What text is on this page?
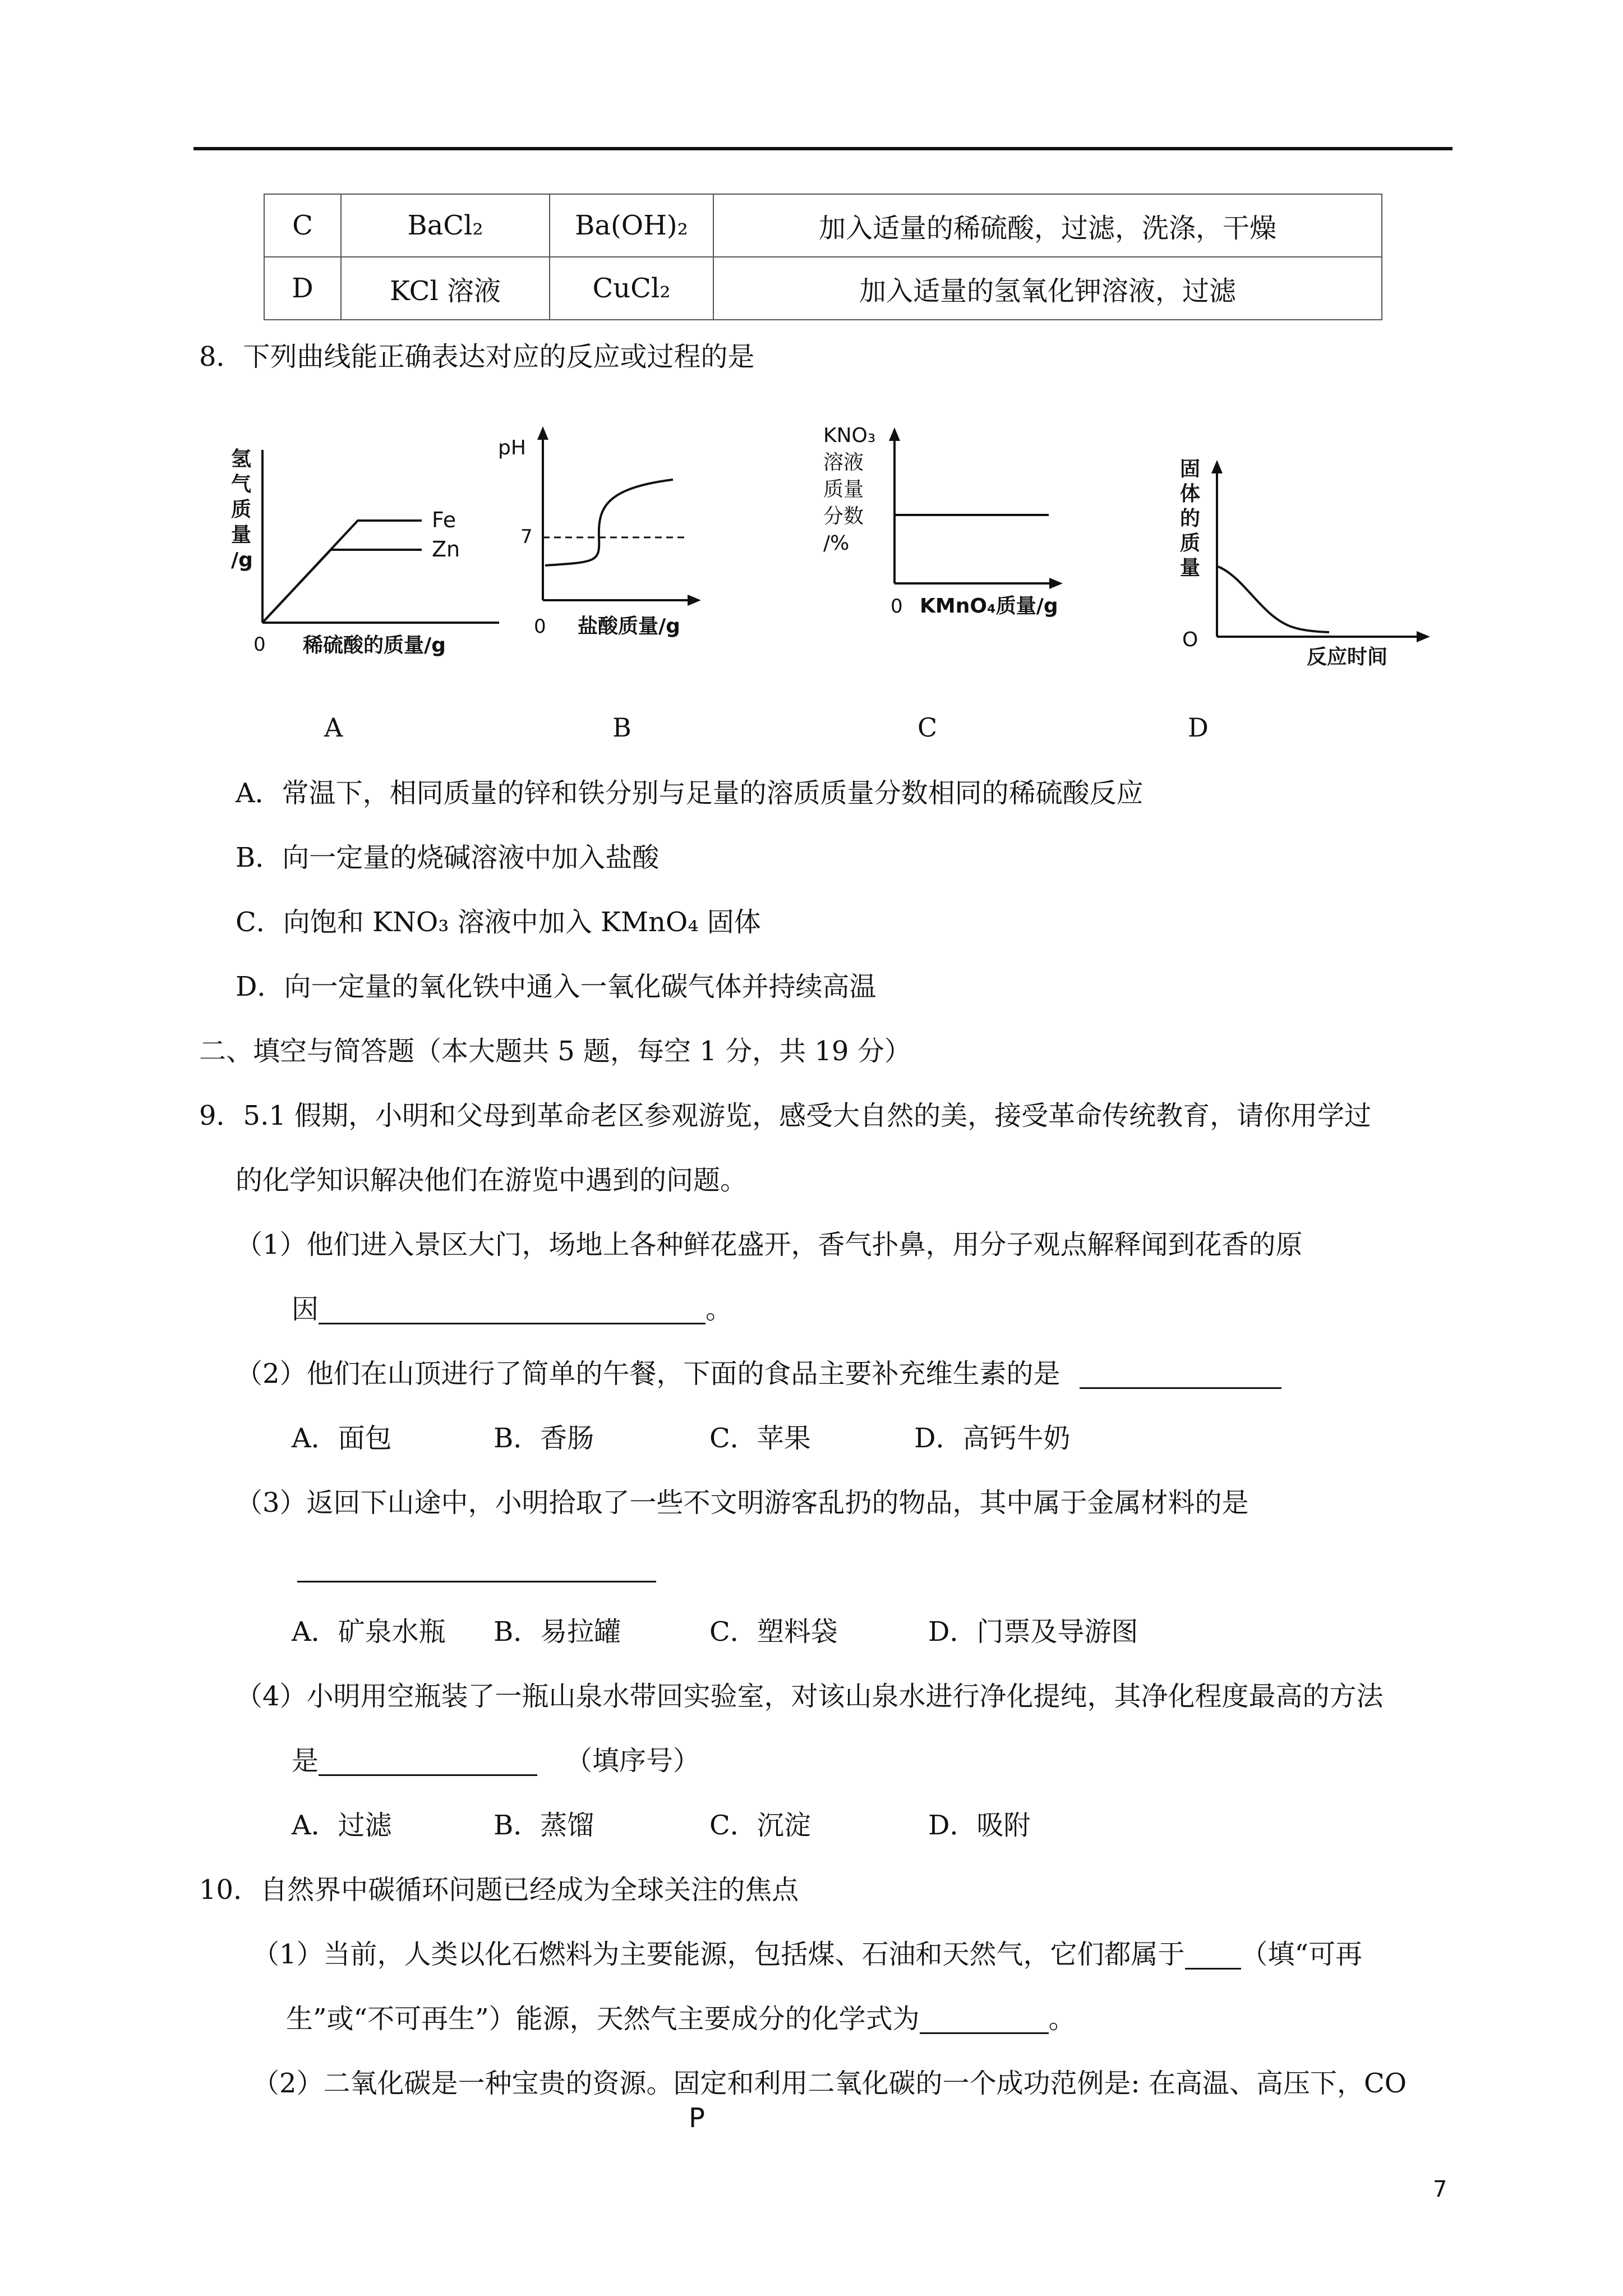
C	BaCl₂	Ba(OH)₂	加入适量的稀硫酸，过滤，洗涤，干燥
D	KCl 溶液	CuCl₂	加入适量的氢氧化钾溶液，过滤
8．下列曲线能正确表达对应的反应或过程的是
氢
气
质
量
/g
Fe
Zn
0 稀硫酸的质量/g
pH
7
0 盐酸质量/g
KNO₃
溶液
质量
分数
/%
0 KMnO₄质量/g
固
体
的
质
量
O
反应时间
A	B	C	D
A．常温下，相同质量的锌和铁分别与足量的溶质质量分数相同的稀硫酸反应
B．向一定量的烧碱溶液中加入盐酸
C．向饱和 KNO₃ 溶液中加入 KMnO₄ 固体
D．向一定量的氧化铁中通入一氧化碳气体并持续高温
二、填空与简答题（本大题共 5 题，每空 1 分，共 19 分）
9．5.1 假期，小明和父母到革命老区参观游览，感受大自然的美，接受革命传统教育，请你用学过
的化学知识解决他们在游览中遇到的问题。
（1）他们进入景区大门，场地上各种鲜花盛开，香气扑鼻，用分子观点解释闻到花香的原
因	。
（2）他们在山顶进行了简单的午餐，下面的食品主要补充维生素的是
A．面包	B．香肠	C．苹果	D．高钙牛奶
（3）返回下山途中，小明拾取了一些不文明游客乱扔的物品，其中属于金属材料的是
A．矿泉水瓶 B．易拉罐	C．塑料袋	D．门票及导游图
（4）小明用空瓶装了一瓶山泉水带回实验室，对该山泉水进行净化提纯，其净化程度最高的方法
是	（填序号）
A．过滤	B．蒸馏	C．沉淀	D．吸附
10．自然界中碳循环问题已经成为全球关注的焦点
（1）当前，人类以化石燃料为主要能源，包括煤、石油和天然气，它们都属于 （填“可再
生”或“不可再生”）能源，天然气主要成分的化学式为	。
（2）二氧化碳是一种宝贵的资源。固定和利用二氧化碳的一个成功范例是: 在高温、高压下，CO
P
7
